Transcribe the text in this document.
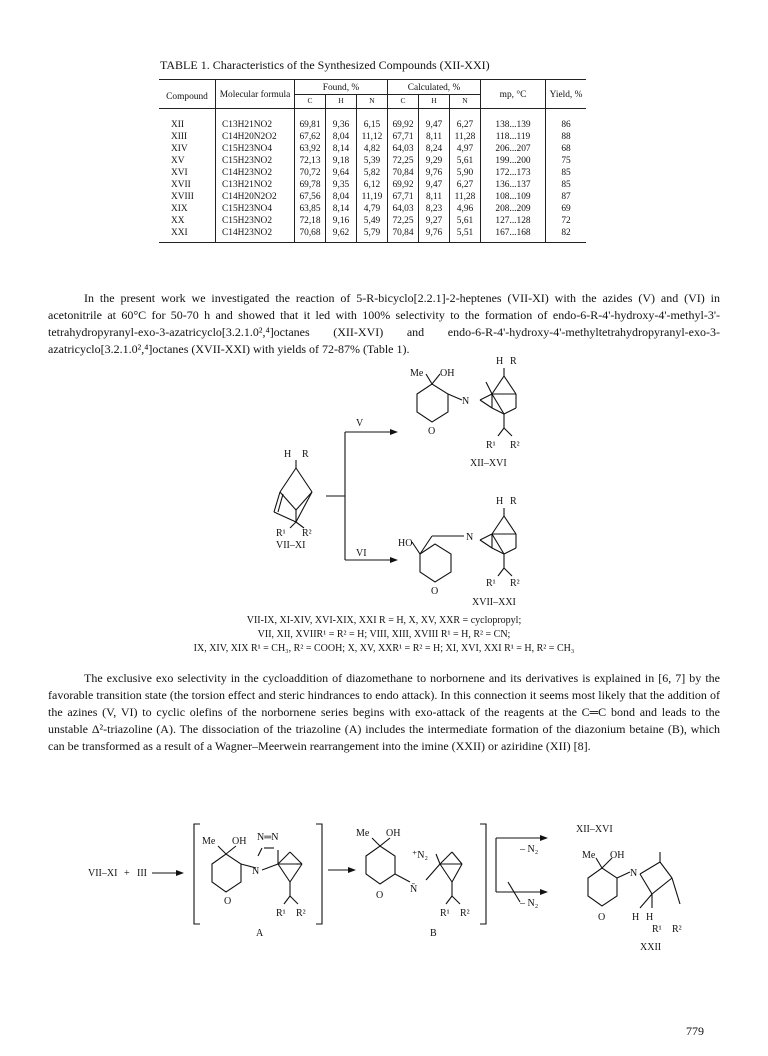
TABLE 1. Characteristics of the Synthesized Compounds (XII-XXI)
Compound	Molecular formula	Found, %			Calculated, %			mp, °C	Yield, %
		C	H	N	C	H	N		
XII	C13H21NO2	69,81	9,36	6,15	69,92	9,47	6,27	138...139	86
XIII	C14H20N2O2	67,62	8,04	11,12	67,71	8,11	11,28	118...119	88
XIV	C15H23NO4	63,92	8,14	4,82	64,03	8,24	4,97	206...207	68
XV	C15H23NO2	72,13	9,18	5,39	72,25	9,29	5,61	199...200	75
XVI	C14H23NO2	70,72	9,64	5,82	70,84	9,76	5,90	172...173	85
XVII	C13H21NO2	69,78	9,35	6,12	69,92	9,47	6,27	136...137	85
XVIII	C14H20N2O2	67,56	8,04	11,19	67,71	8,11	11,28	108...109	87
XIX	C15H23NO4	63,85	8,14	4,79	64,03	8,23	4,96	208...209	69
XX	C15H23NO2	72,18	9,16	5,49	72,25	9,27	5,61	127...128	72
XXI	C14H23NO2	70,68	9,62	5,79	70,84	9,76	5,51	167...168	82

In the present work we investigated the reaction of 5-R-bicyclo[2.2.1]-2-heptenes (VII-XI) with the azides (V) and (VI) in acetonitrile at 60°C for 50-70 h and showed that it led with 100% selectivity to the formation of endo-6-R-4'-hydroxy-4'-methyl-3'-tetrahydropyranyl-exo-3-azatricyclo[3.2.1.0²,⁴]octanes (XII-XVI) and endo-6-R-4'-hydroxy-4'-methyltetrahydropyranyl-exo-3-azatricyclo[3.2.1.0²,⁴]octanes (XVII-XXI) with yields of 72-87% (Table 1).

H R
R¹ R²
VII–XI
V
VI
Me OH
N
O
H R
R¹ R²
XII–XVI
HO
N
O
H R
R¹ R²
XVII–XXI
VII-IX, XI-XIV, XVI-XIX, XXI R = H, X, XV, XXR = cyclopropyl;
VII, XII, XVIIR¹ = R² = H; VIII, XIII, XVIII R¹ = H, R² = CN;
IX, XIV, XIX R¹ = CH₃, R² = COOH; X, XV, XXR¹ = R² = H; XI, XVI, XXI R¹ = H, R² = CH₃

The exclusive exo selectivity in the cycloaddition of diazomethane to norbornene and its derivatives is explained in [6, 7] by the favorable transition state (the torsion effect and steric hindrances to endo attack). In this connection it seems most likely that the addition of the azines (V, VI) to cyclic olefins of the norbornene series begins with exo-attack of the reagents at the C═C bond and leads to the unstable Δ²-triazoline (A). The dissociation of the triazoline (A) includes the intermediate formation of the diazonium betaine (B), which can be transformed as a result of a Wagner–Meerwein rearrangement into the imine (XXII) or aziridine (XII) [8].

VII–XI + III
Me OH N═N
N
O
R¹ R²
A
Me OH
⁺N₂
N̄
O
R¹ R²
B
– N₂
– N₂
XII–XVI
Me OH
N
O	H H
R¹ R²
XXII
779
